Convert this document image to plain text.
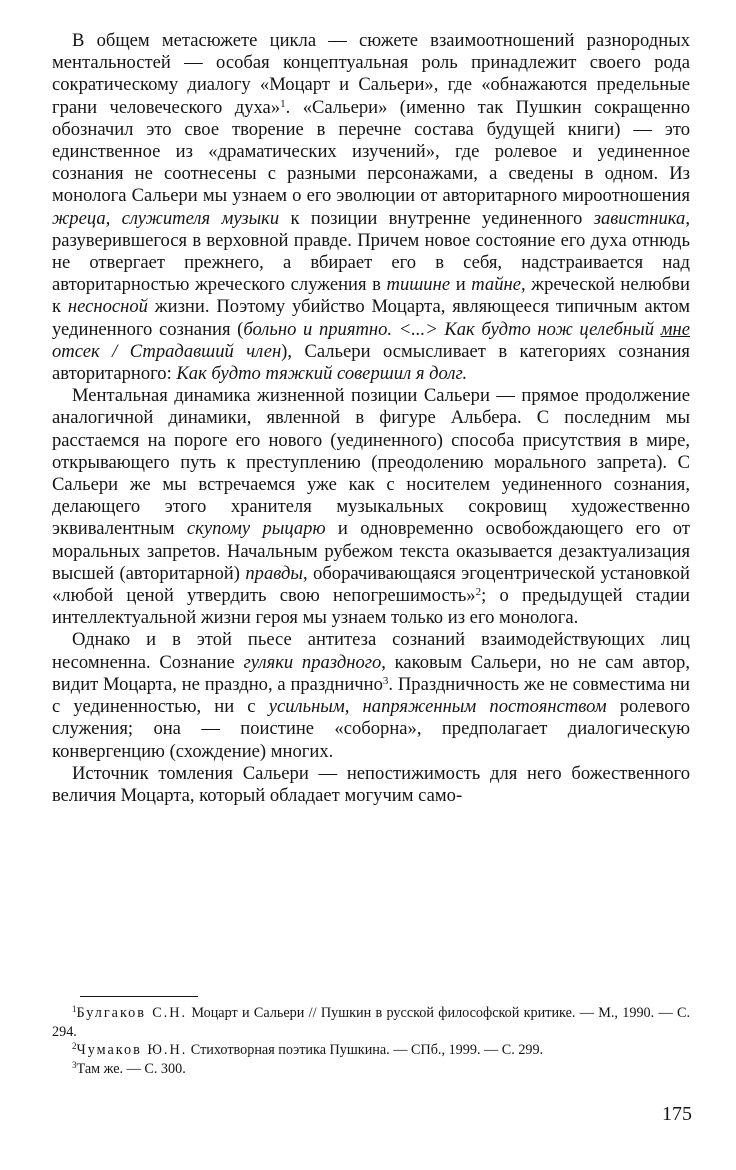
В общем метасюжете цикла — сюжете взаимоотношений разнородных ментальностей — особая концептуальная роль принадлежит своего рода сократическому диалогу «Моцарт и Сальери», где «обнажаются предельные грани человеческого духа»$^1$. «Сальери» (именно так Пушкин сокращенно обозначил это свое творение в перечне состава будущей книги) — это единственное из «драматических изучений», где ролевое и уединенное сознания не соотнесены с разными персонажами, а сведены в одном. Из монолога Сальери мы узнаем о его эволюции от авторитарного мироотношения жреца, служителя музыки к позиции внутренне уединенного завистника, разуверившегося в верховной правде. Причем новое состояние его духа отнюдь не отвергает прежнего, а вбирает его в себя, надстраивается над авторитарностью жреческого служения в тишине и тайне, жреческой нелюбви к несносной жизни. Поэтому убийство Моцарта, являющееся типичным актом уединенного сознания (больно и приятно. <...> Как будто нож целебный мне отсек / Страдавший член), Сальери осмысливает в категориях сознания авторитарного: Как будто тяжкий совершил я долг.

Ментальная динамика жизненной позиции Сальери — прямое продолжение аналогичной динамики, явленной в фигуре Альбера. С последним мы расстаемся на пороге его нового (уединенного) способа присутствия в мире, открывающего путь к преступлению (преодолению морального запрета). С Сальери же мы встречаемся уже как с носителем уединенного сознания, делающего этого хранителя музыкальных сокровищ художественно эквивалентным скупому рыцарю и одновременно освобождающего его от моральных запретов. Начальным рубежом текста оказывается дезактуализация высшей (авторитарной) правды, оборачивающаяся эгоцентрической установкой «любой ценой утвердить свою непогрешимость»$^2$; о предыдущей стадии интеллектуальной жизни героя мы узнаем только из его монолога.

Однако и в этой пьесе антитеза сознаний взаимодействующих лиц несомненна. Сознание гуляки праздного, каковым Сальери, но не сам автор, видит Моцарта, не праздно, а празднично$^3$. Праздничность же не совместима ни с уединенностью, ни с усильным, напряженным постоянством ролевого служения; она — поистине «соборна», предполагает диалогическую конвергенцию (схождение) многих.

Источник томления Сальери — непостижимость для него божественного величия Моцарта, который обладает могучим само-

$^1$Булгаков С.Н. Моцарт и Сальери // Пушкин в русской философской критике. — М., 1990. — С. 294.

$^2$Чумаков Ю.Н. Стихотворная поэтика Пушкина. — СПб., 1999. — С. 299.

$^3$Там же. — С. 300.

175
